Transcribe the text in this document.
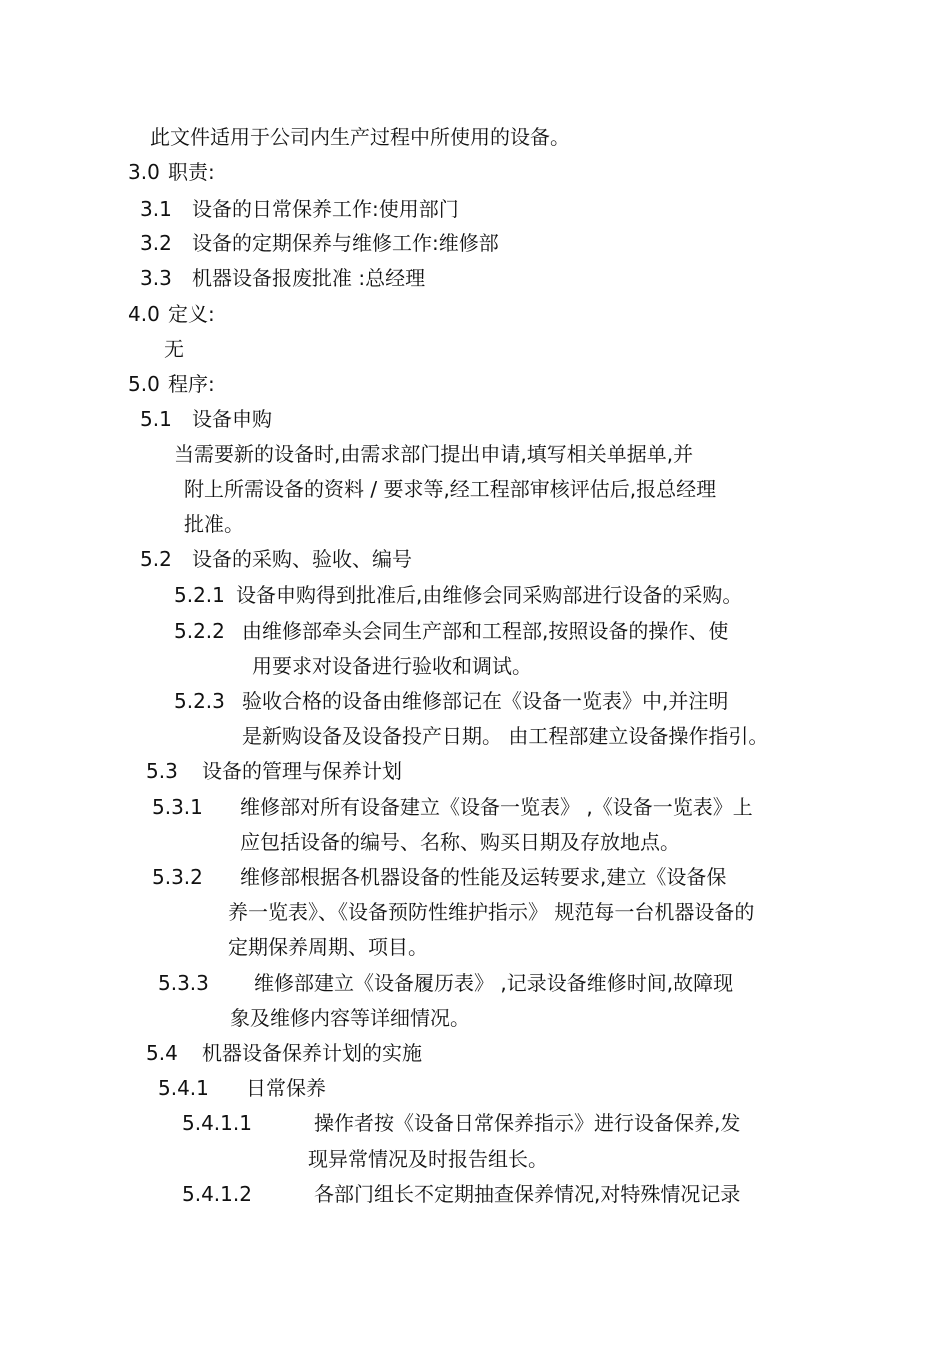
此文件适用于公司内生产过程中所使用的设备。
3.0 职责:
3.1 设备的日常保养工作:使用部门
3.2 设备的定期保养与维修工作:维修部
3.3 机器设备报废批准 :总经理
4.0 定义:
无
5.0 程序:
5.1 设备申购
当需要新的设备时,由需求部门提出申请,填写相关单据单,并
附上所需设备的资料 / 要求等,经工程部审核评估后,报总经理
批准。
5.2 设备的采购、验收、编号
5.2.1 设备申购得到批准后,由维修会同采购部进行设备的采购。
5.2.2 由维修部牵头会同生产部和工程部,按照设备的操作、使
用要求对设备进行验收和调试。
5.2.3 验收合格的设备由维修部记在《设备一览表》中,并注明
是新购设备及设备投产日期。 由工程部建立设备操作指引。
5.3 设备的管理与保养计划
5.3.1 维修部对所有设备建立《设备一览表》 ,《设备一览表》上
应包括设备的编号、名称、购买日期及存放地点。
5.3.2 维修部根据各机器设备的性能及运转要求,建立《设备保
养一览表》、《设备预防性维护指示》 规范每一台机器设备的
定期保养周期、项目。
5.3.3 维修部建立《设备履历表》 ,记录设备维修时间,故障现
象及维修内容等详细情况。
5.4 机器设备保养计划的实施
5.4.1 日常保养
5.4.1.1	操作者按《设备日常保养指示》进行设备保养,发
现异常情况及时报告组长。
5.4.1.2	各部门组长不定期抽查保养情况,对特殊情况记录
